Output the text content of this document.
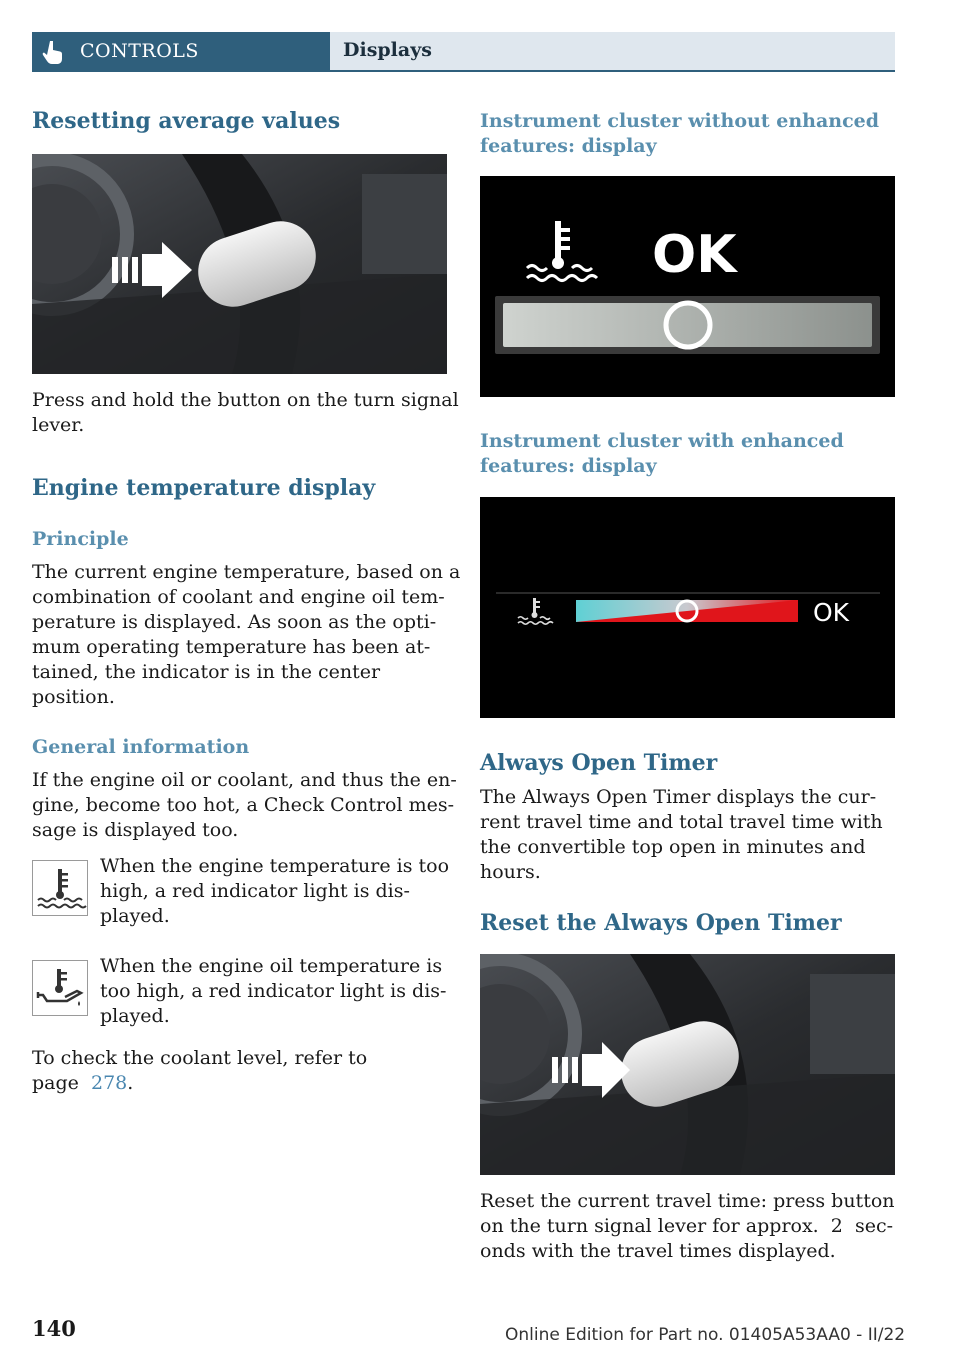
CONTROLS	Displays
Resetting average values
Press and hold the button on the turn signal
lever.
Engine temperature display
Principle
The current engine temperature, based on a
combination of coolant and engine oil tem-
perature is displayed. As soon as the opti-
mum operating temperature has been at-
tained, the indicator is in the center
position.
General information
If the engine oil or coolant, and thus the en-
gine, become too hot, a Check Control mes-
sage is displayed too.
When the engine temperature is too
high, a red indicator light is dis-
played.
When the engine oil temperature is
too high, a red indicator light is dis-
played.
To check the coolant level, refer to
page 278.
Instrument cluster without enhanced
features: display
OK
Instrument cluster with enhanced
features: display
OK
Always Open Timer
The Always Open Timer displays the cur-
rent travel time and total travel time with
the convertible top open in minutes and
hours.
Reset the Always Open Timer
Reset the current travel time: press button
on the turn signal lever for approx.  2  sec-
onds with the travel times displayed.
140	Online Edition for Part no. 01405A53AA0 - II/22
